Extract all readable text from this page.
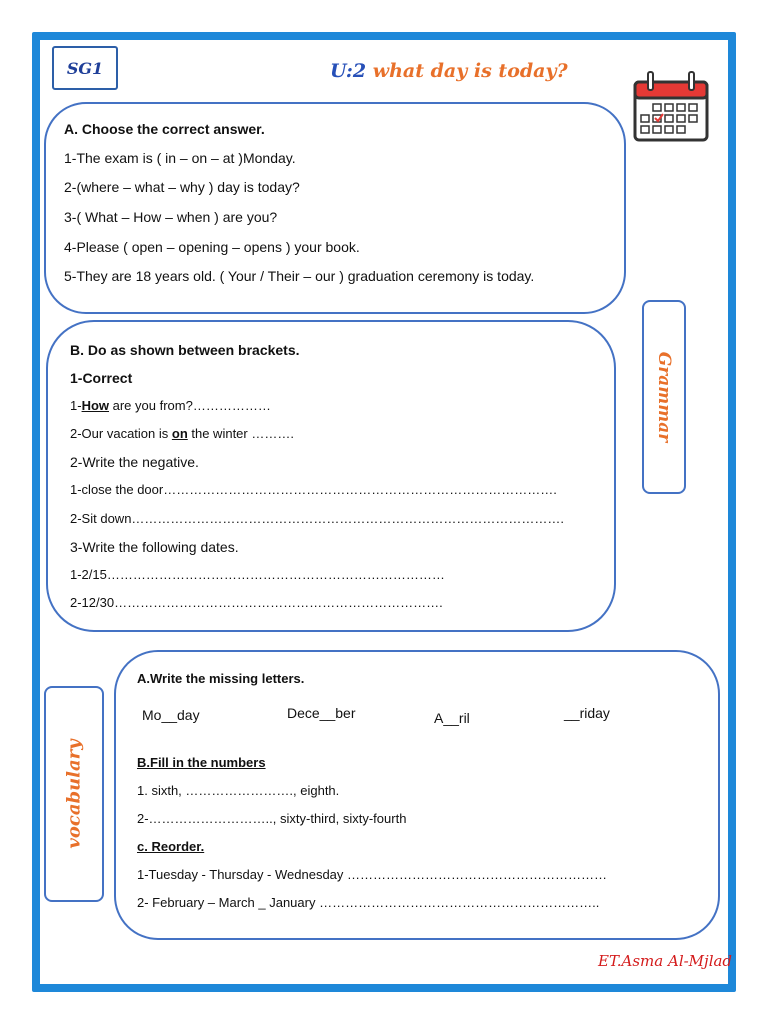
SG1	U:2 what day is today?
A. Choose the correct answer.
1-The exam is ( in – on – at )Monday.
2-(where – what – why ) day is today?
3-( What – How – when ) are you?
4-Please ( open – opening – opens ) your book.
5-They are 18 years old. ( Your / Their – our ) graduation ceremony is today.
Grammar
B. Do as shown between brackets.
1-Correct
1-How are you from?………………
2-Our vacation is on the winter ……….
2-Write the negative.
1-close the door……………………………………………………………………………….
2-Sit down……………………………………………………………………………………….
3-Write the following dates.
1-2/15……………………………………………………………………
2-12/30………………………………………………………………….
vocabulary
A.Write the missing letters.
Mo__day	Dece__ber	A__ril	__riday
B.Fill in the numbers
1. sixth, ……………………., eighth.
2-……………………….., sixty-third, sixty-fourth
c. Reorder.
1-Tuesday - Thursday - Wednesday ……………………………………………………
2- February – March _ January ………………………………………………………..
ET.Asma Al-Mjlad
